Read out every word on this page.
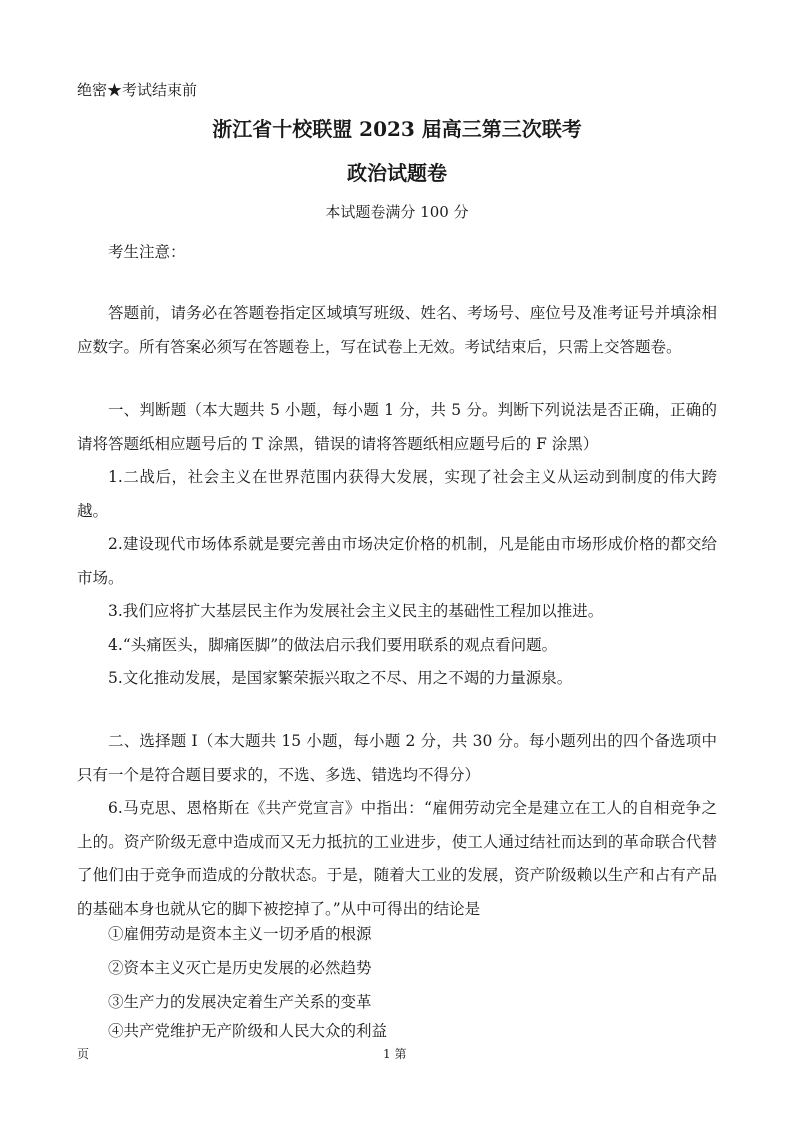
绝密★考试结束前
浙江省十校联盟 2023 届高三第三次联考
政治试题卷
本试题卷满分 100 分
考生注意：
答题前，请务必在答题卷指定区域填写班级、姓名、考场号、座位号及准考证号并填涂相应数字。所有答案必须写在答题卷上，写在试卷上无效。考试结束后，只需上交答题卷。
一、判断题（本大题共 5 小题，每小题 1 分，共 5 分。判断下列说法是否正确，正确的请将答题纸相应题号后的 T 涂黑，错误的请将答题纸相应题号后的 F 涂黑）
1.二战后，社会主义在世界范围内获得大发展，实现了社会主义从运动到制度的伟大跨越。
2.建设现代市场体系就是要完善由市场决定价格的机制，凡是能由市场形成价格的都交给市场。
3.我们应将扩大基层民主作为发展社会主义民主的基础性工程加以推进。
4.“头痛医头，脚痛医脚”的做法启示我们要用联系的观点看问题。
5.文化推动发展，是国家繁荣振兴取之不尽、用之不竭的力量源泉。
二、选择题 I（本大题共 15 小题，每小题 2 分，共 30 分。每小题列出的四个备选项中只有一个是符合题目要求的，不选、多选、错选均不得分）
6.马克思、恩格斯在《共产党宣言》中指出：“雇佣劳动完全是建立在工人的自相竞争之上的。资产阶级无意中造成而又无力抵抗的工业进步，使工人通过结社而达到的革命联合代替了他们由于竞争而造成的分散状态。于是，随着大工业的发展，资产阶级赖以生产和占有产品的基础本身也就从它的脚下被挖掉了。”从中可得出的结论是
①雇佣劳动是资本主义一切矛盾的根源
②资本主义灭亡是历史发展的必然趋势
③生产力的发展决定着生产关系的变革
④共产党维护无产阶级和人民大众的利益
页	1 第
